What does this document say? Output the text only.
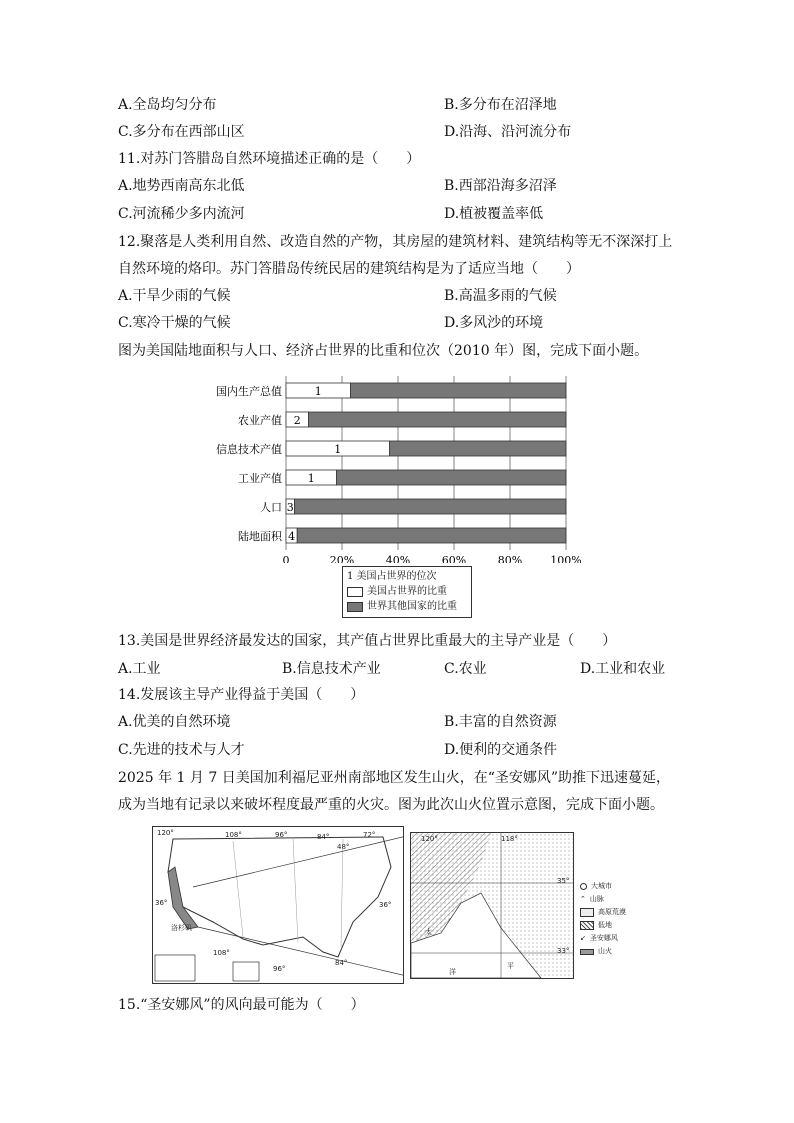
A.全岛均匀分布	B.多分布在沼泽地
C.多分布在西部山区	D.沿海、沿河流分布
11.对苏门答腊岛自然环境描述正确的是（　　）
A.地势西南高东北低	B.西部沿海多沼泽
C.河流稀少多内流河	D.植被覆盖率低
12.聚落是人类利用自然、改造自然的产物，其房屋的建筑材料、建筑结构等无不深深打上
自然环境的烙印。苏门答腊岛传统民居的建筑结构是为了适应当地（　　）
A.干旱少雨的气候	B.高温多雨的气候
C.寒冷干燥的气候	D.多风沙的环境
图为美国陆地面积与人口、经济占世界的比重和位次（2010 年）图，完成下面小题。
0	20%	40%	60%	80%	100%
国内生产总值	1
农业产值 2
信息技术产值	1
工业产值 1
人口 3
陆地面积 4
1 美国占世界的位次
美国占世界的比重
世界其他国家的比重
13.美国是世界经济最发达的国家，其产值占世界比重最大的主导产业是（　　）
A.工业	B.信息技术产业	C.农业	D.工业和农业
14.发展该主导产业得益于美国（　　）
A.优美的自然环境	B.丰富的自然资源
C.先进的技术与人才	D.便利的交通条件
2025 年 1 月 7 日美国加利福尼亚州南部地区发生山火，在“圣安娜风”助推下迅速蔓延，
成为当地有记录以来破坏程度最严重的火灾。图为此次山火位置示意图，完成下面小题。
120°	108°	96°	84°	72°
36°	36°
洛杉矶
108°
96°
84°
48°
120°	118°
35°
33°
太
平
洋
大城市
⌃ 山脉
高原荒漠
低地
↙ 圣安娜风
山火
15.“圣安娜风”的风向最可能为（　　）
